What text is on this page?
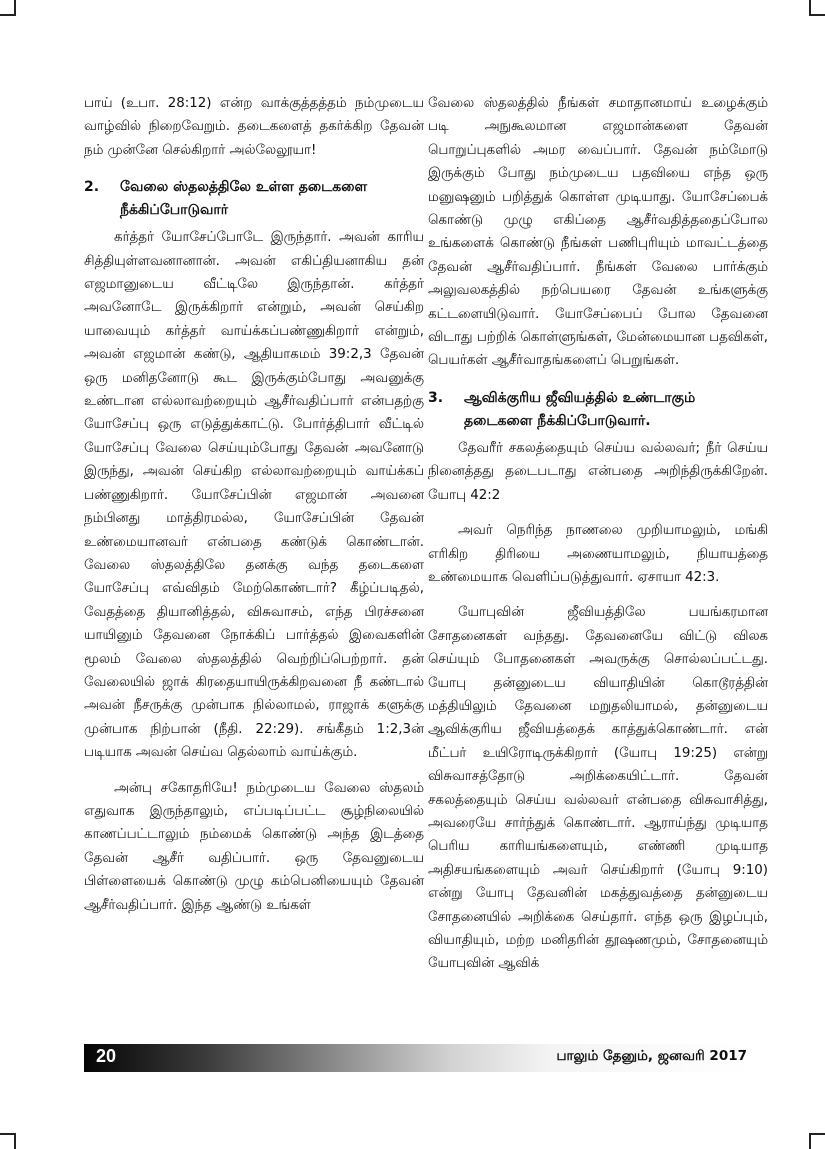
பாய் (உபா. 28:12) என்ற வாக்குத்தத்தம் நம்முடைய வாழ்வில் நிறைவேறும். தடைகளைத் தகர்க்கிற தேவன் நம் முன்னே செல்கிறார் அல்லேலூயா!

2.	வேலை ஸ்தலத்திலே உள்ள தடைகளை நீக்கிப்போடுவார்

கர்த்தர் யோசேப்போடே இருந்தார். அவன் காரிய சித்தியுள்ளவனானான். அவன் எகிப்தியனாகிய தன் எஜமானுடைய வீட்டிலே இருந்தான். கர்த்தர் அவனோடே இருக்கிறார் என்றும், அவன் செய்கிற யாவையும் கர்த்தர் வாய்க்கப்பண்ணுகிறார் என்றும், அவன் எஜமான் கண்டு, ஆதியாகமம் 39:2,3 தேவன் ஒரு மனிதனோடு கூட இருக்கும்போது அவனுக்கு உண்டான எல்லாவற்றையும் ஆசீர்வதிப்பார் என்பதற்கு யோசேப்பு ஒரு எடுத்துக்காட்டு. போர்த்திபார் வீட்டில் யோசேப்பு வேலை செய்யும்போது தேவன் அவனோடு இருந்து, அவன் செய்கிற எல்லாவற்றையும் வாய்க்கப் பண்ணுகிறார். யோசேப்பின் எஜமான் அவனை நம்பினது மாத்திரமல்ல, யோசேப்பின் தேவன் உண்மையானவர் என்பதை கண்டுக் கொண்டான். வேலை ஸ்தலத்திலே தனக்கு வந்த தடைகளை யோசேப்பு எவ்விதம் மேற்கொண்டார்? கீழ்ப்படிதல், வேதத்தை தியானித்தல், விசுவாசம், எந்த பிரச்சனை யாயினும் தேவனை நோக்கிப் பார்த்தல் இவைகளின் மூலம் வேலை ஸ்தலத்தில் வெற்றிப்பெற்றார். தன் வேலையில் ஜாக் கிரதையாயிருக்கிறவனை நீ கண்டால் அவன் நீசருக்கு முன்பாக நில்லாமல், ராஜாக் களுக்கு முன்பாக நிற்பான் (நீதி. 22:29). சங்கீதம் 1:2,3ன் படியாக அவன் செய்வ தெல்லாம் வாய்க்கும்.

அன்பு சகோதரியே! நம்முடைய வேலை ஸ்தலம் எதுவாக இருந்தாலும், எப்படிப்பட்ட சூழ்நிலையில் காணப்பட்டாலும் நம்மைக் கொண்டு அந்த இடத்தை தேவன் ஆசீர் வதிப்பார். ஒரு தேவனுடைய பிள்ளையைக் கொண்டு முழு கம்பெனியையும் தேவன் ஆசீர்வதிப்பார். இந்த ஆண்டு உங்கள்

வேலை ஸ்தலத்தில் நீங்கள் சமாதானமாய் உழைக்கும் படி அநுகூலமான எஜமான்களை தேவன் பொறுப்புகளில் அமர வைப்பார். தேவன் நம்மோடு இருக்கும் போது நம்முடைய பதவியை எந்த ஒரு மனுஷனும் பறித்துக் கொள்ள முடியாது. யோசேப்பைக் கொண்டு முழு எகிப்தை ஆசீர்வதித்ததைப்போல உங்களைக் கொண்டு நீங்கள் பணிபுரியும் மாவட்டத்தை தேவன் ஆசீர்வதிப்பார். நீங்கள் வேலை பார்க்கும் அலுவலகத்தில் நற்பெயரை தேவன் உங்களுக்கு கட்டளையிடுவார். யோசேப்பைப் போல தேவனை விடாது பற்றிக் கொள்ளுங்கள், மேன்மையான பதவிகள், பெயர்கள் ஆசீர்வாதங்களைப் பெறுங்கள்.

3.	ஆவிக்குரிய ஜீவியத்தில் உண்டாகும் தடைகளை நீக்கிப்போடுவார்.

தேவரீர் சகலத்தையும் செய்ய வல்லவர்; நீர் செய்ய நினைத்தது தடைபடாது என்பதை அறிந்திருக்கிறேன். யோபு 42:2

அவர் நெரிந்த நாணலை முறியாமலும், மங்கி எரிகிற திரியை அணையாமலும், நியாயத்தை உண்மையாக வெளிப்படுத்துவார். ஏசாயா 42:3.

யோபுவின் ஜீவியத்திலே பயங்கரமான சோதனைகள் வந்தது. தேவனையே விட்டு விலக செய்யும் போதனைகள் அவருக்கு சொல்லப்பட்டது. யோபு தன்னுடைய வியாதியின் கொடூரத்தின் மத்தியிலும் தேவனை மறுதலியாமல், தன்னுடைய ஆவிக்குரிய ஜீவியத்தைக் காத்துக்கொண்டார். என் மீட்பர் உயிரோடிருக்கிறார் (யோபு 19:25) என்று விசுவாசத்தோடு அறிக்கையிட்டார். தேவன் சகலத்தையும் செய்ய வல்லவர் என்பதை விசுவாசித்து, அவரையே சார்ந்துக் கொண்டார். ஆராய்ந்து முடியாத பெரிய காரியங்களையும், எண்ணி முடியாத அதிசயங்களையும் அவர் செய்கிறார் (யோபு 9:10) என்று யோபு தேவனின் மகத்துவத்தை தன்னுடைய சோதனையில் அறிக்கை செய்தார். எந்த ஒரு இழப்பும், வியாதியும், மற்ற மனிதரின் தூஷணமும், சோதனையும் யோபுவின் ஆவிக்

20	பாலும் தேனும், ஜனவரி 2017
